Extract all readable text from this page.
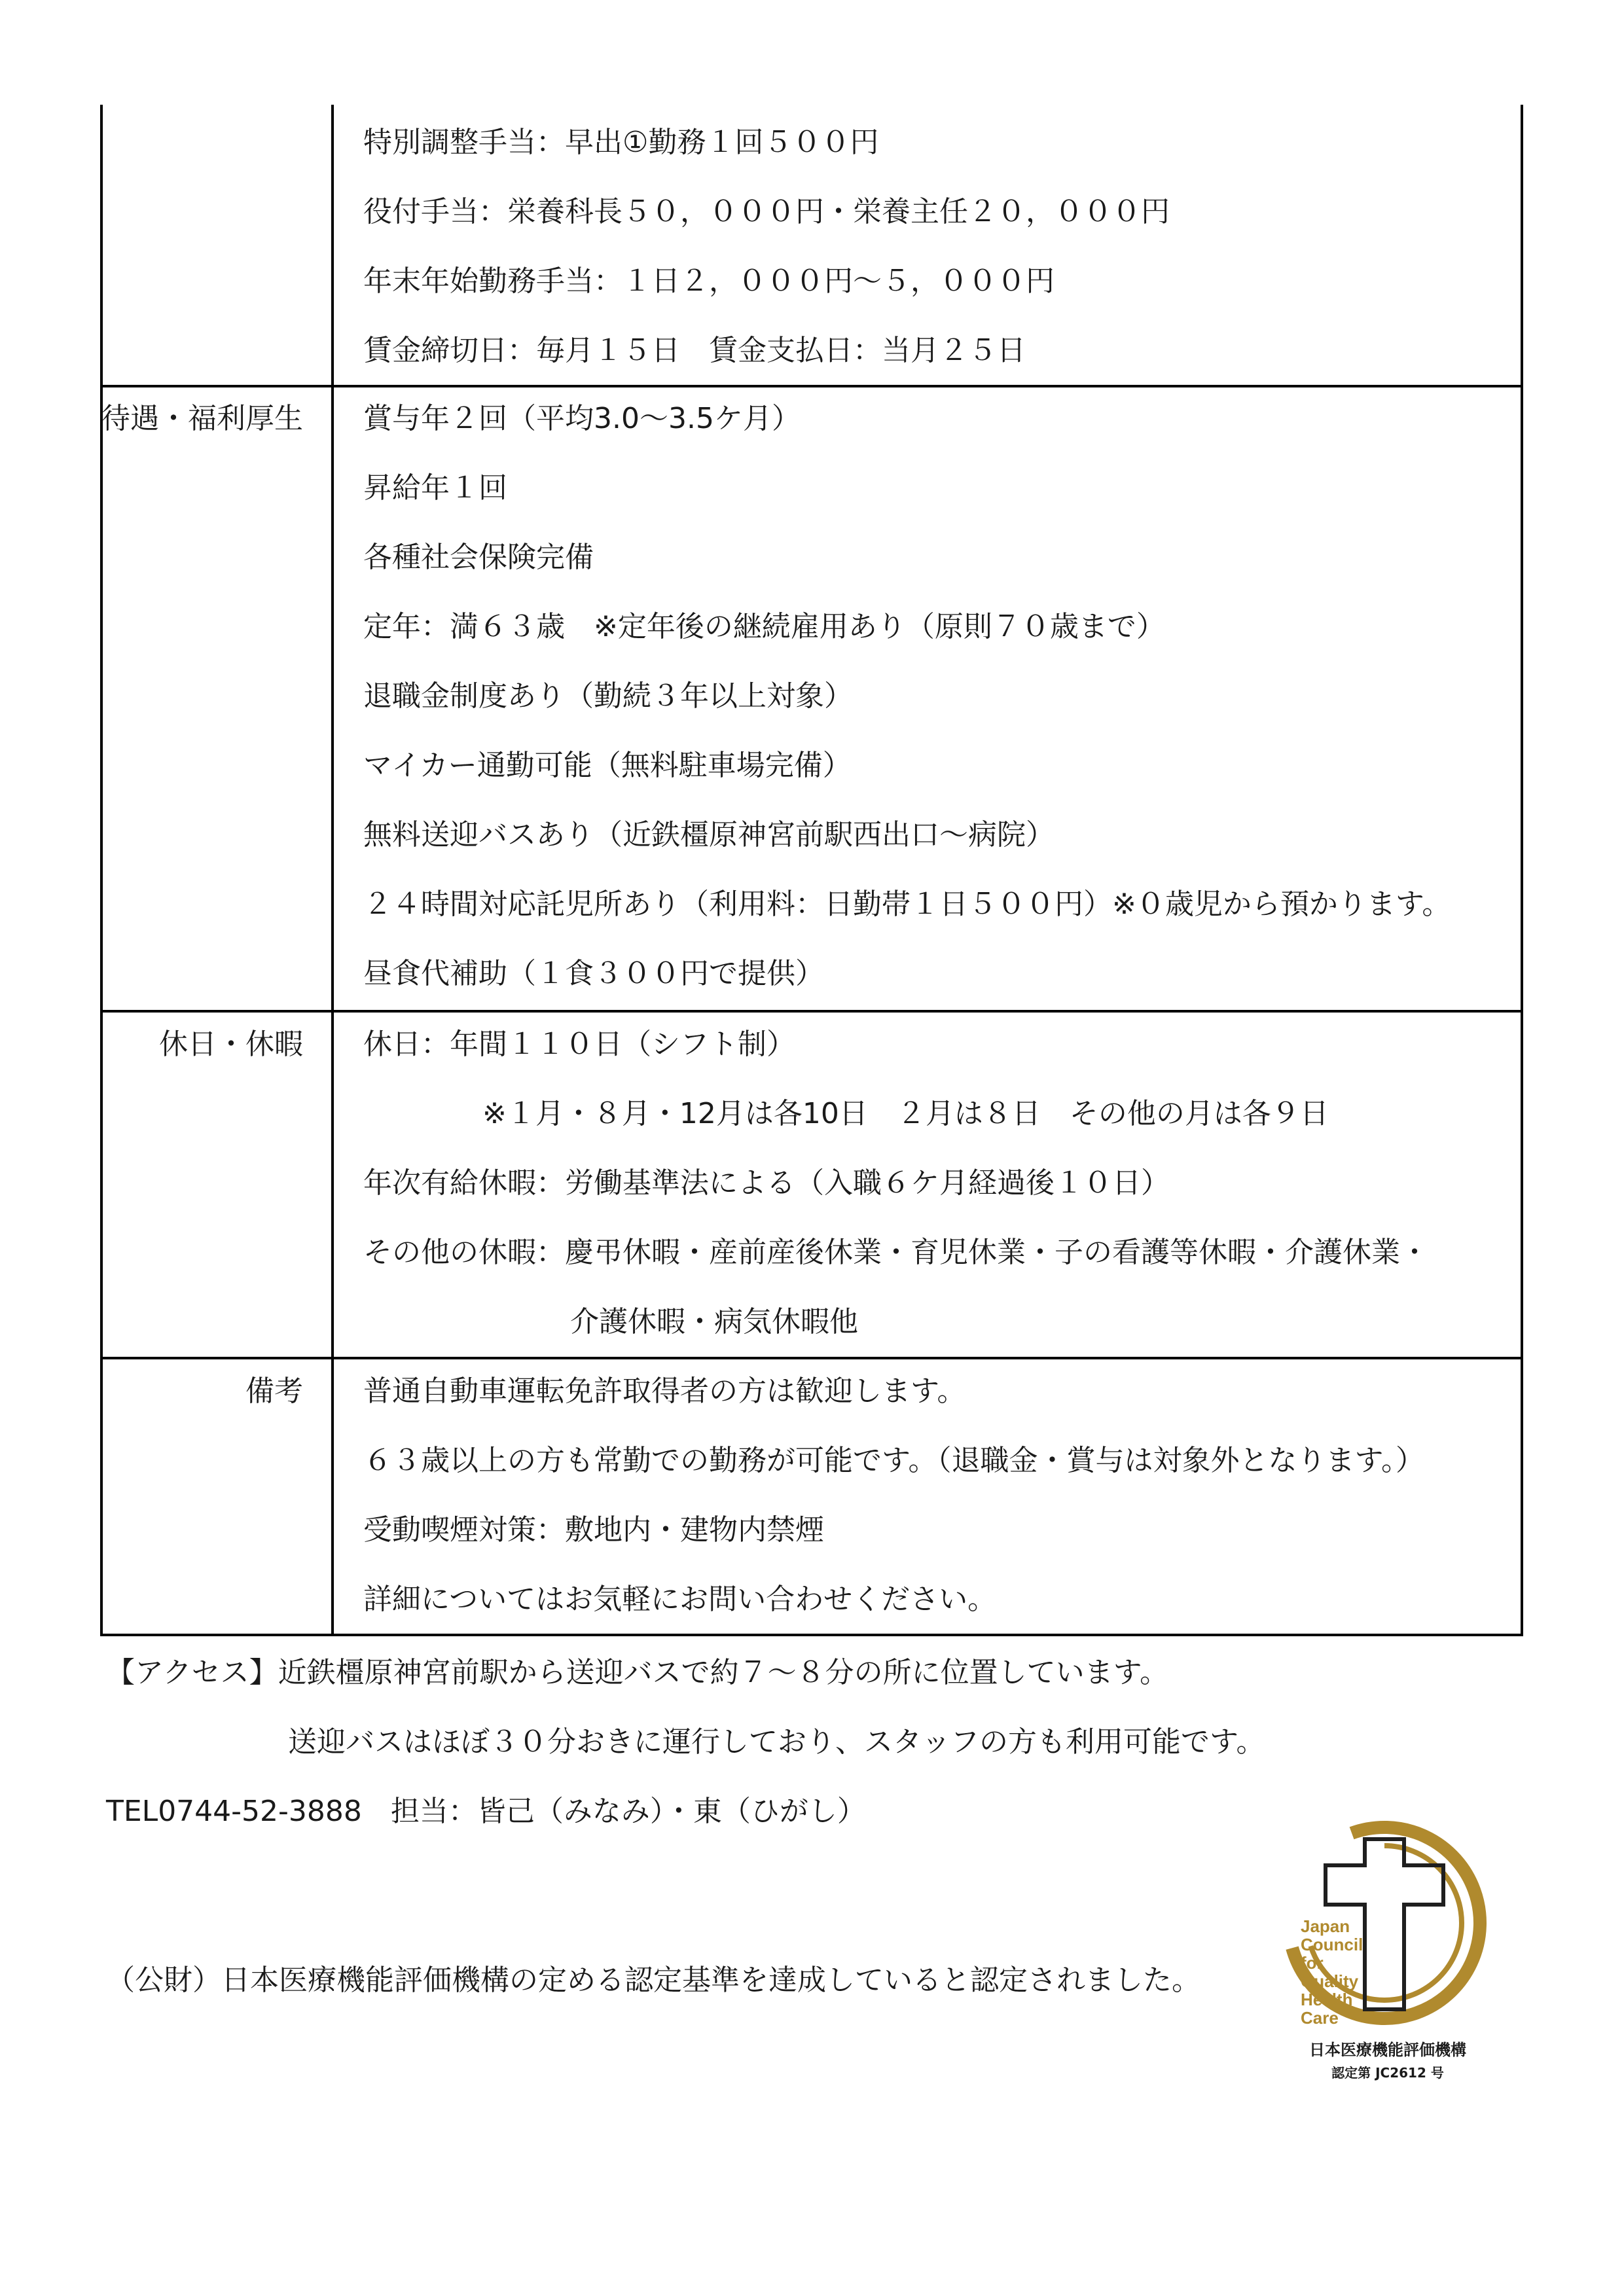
特別調整手当：早出①勤務１回５００円
役付手当：栄養科長５０，０００円・栄養主任２０，０００円
年末年始勤務手当：１日２，０００円～５，０００円
賃金締切日：毎月１５日　賃金支払日：当月２５日
待遇・福利厚生 賞与年２回（平均3.0～3.5ケ月）
昇給年１回
各種社会保険完備
定年：満６３歳　※定年後の継続雇用あり（原則７０歳まで）
退職金制度あり（勤続３年以上対象）
マイカー通勤可能（無料駐車場完備）
無料送迎バスあり（近鉄橿原神宮前駅西出口～病院）
２４時間対応託児所あり（利用料：日勤帯１日５００円）※０歳児から預かります。
昼食代補助（１食３００円で提供）
休日・休暇 休日：年間１１０日（シフト制）
※１月・８月・12月は各10日　２月は８日　その他の月は各９日
年次有給休暇：労働基準法による（入職６ケ月経過後１０日）
その他の休暇：慶弔休暇・産前産後休業・育児休業・子の看護等休暇・介護休業・
介護休暇・病気休暇他
備考 普通自動車運転免許取得者の方は歓迎します。
６３歳以上の方も常勤での勤務が可能です。（退職金・賞与は対象外となります。）
受動喫煙対策：敷地内・建物内禁煙
詳細についてはお気軽にお問い合わせください。
【アクセス】近鉄橿原神宮前駅から送迎バスで約７～８分の所に位置しています。
送迎バスはほぼ３０分おきに運行しており、スタッフの方も利用可能です。
TEL0744-52-3888　担当：皆己（みなみ）・東（ひがし）
（公財）日本医療機能評価機構の定める認定基準を達成していると認定されました。
Japan
Council
for
Quality
Health
Care
日本医療機能評価機構
認定第 JC2612 号
